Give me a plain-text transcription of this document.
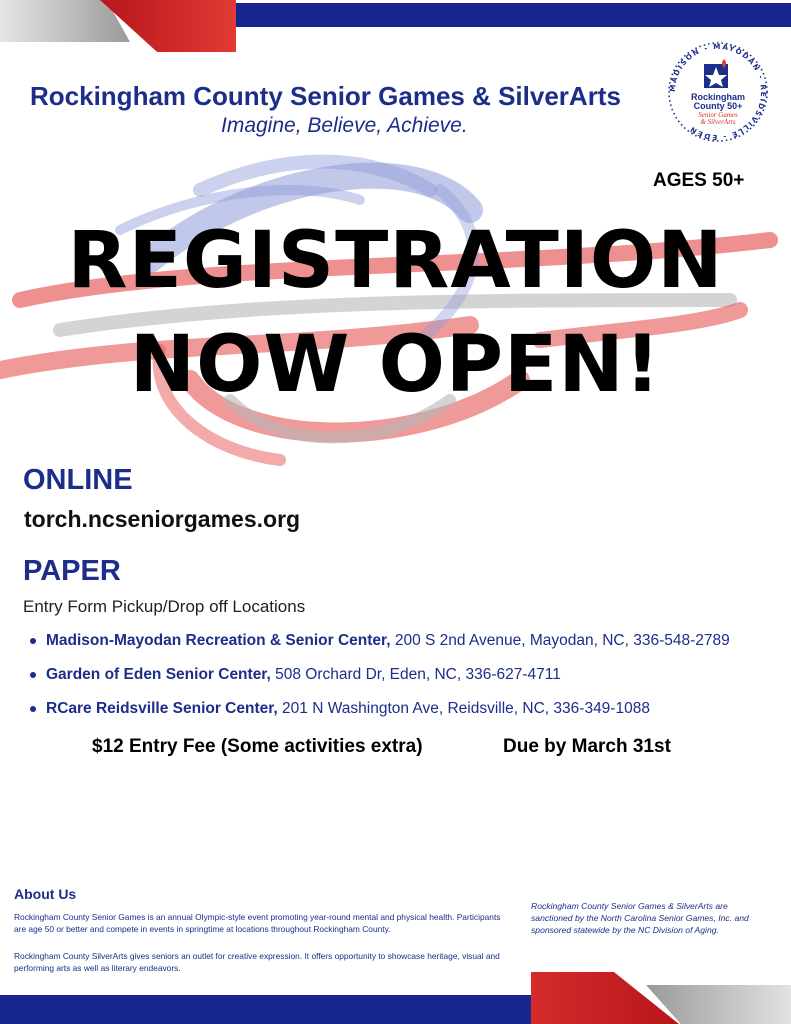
Rockingham County Senior Games & SilverArts
Imagine, Believe, Achieve.
MADISON - MAYODAN - REIDSVILLE - EDEN
Rockingham
County 50+
Senior Games
& SilverArts
AGES 50+
REGISTRATION
NOW OPEN!
ONLINE
torch.ncseniorgames.org
PAPER
Entry Form Pickup/Drop off Locations
Madison-Mayodan Recreation & Senior Center, 200 S 2nd Avenue, Mayodan, NC, 336-548-2789
Garden of Eden Senior Center, 508 Orchard Dr, Eden, NC, 336-627-4711
RCare Reidsville Senior Center, 201 N Washington Ave, Reidsville, NC, 336-349-1088
$12 Entry Fee (Some activities extra)	Due by March 31st
About Us

Rockingham County Senior Games is an annual Olympic-style event promoting year-round mental and physical health. Participants are age 50 or better and compete in events in springtime at locations throughout Rockingham County.

Rockingham County SilverArts gives seniors an outlet for creative expression. It offers opportunity to showcase heritage, visual and performing arts as well as literary endeavors.

Rockingham County Senior Games & SilverArts are sanctioned by the North Carolina Senior Games, Inc. and sponsored statewide by the NC Division of Aging.
